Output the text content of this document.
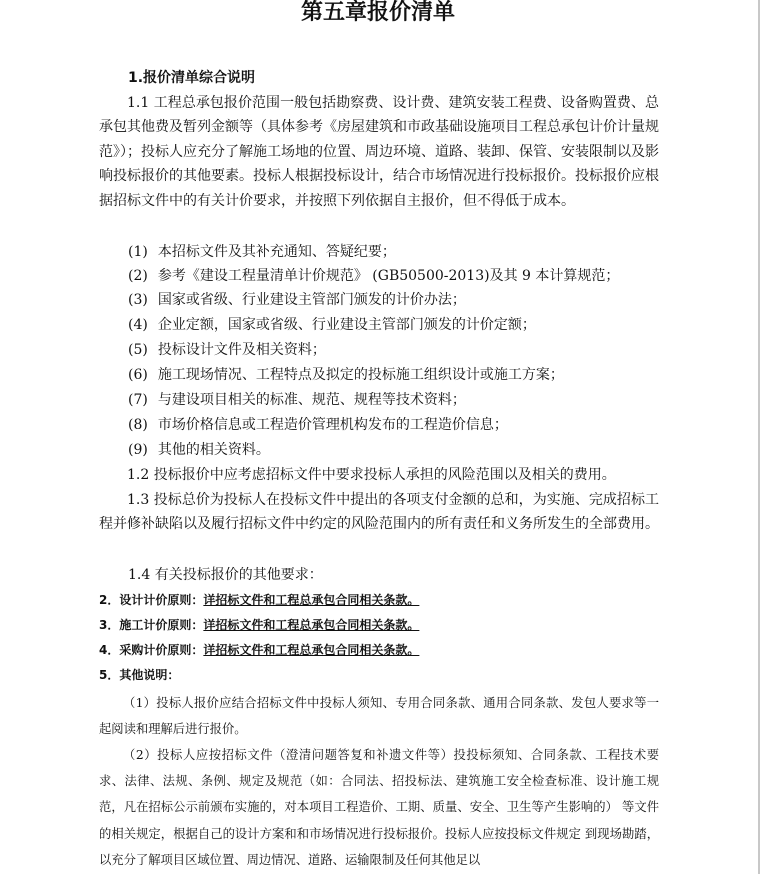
第五章报价清单
1.报价清单综合说明

1.1 工程总承包报价范围一般包括勘察费、设计费、建筑安装工程费、设备购置费、总承包其他费及暂列金额等（具体参考《房屋建筑和市政基础设施项目工程总承包计价计量规范》）；投标人应充分了解施工场地的位置、周边环境、道路、装卸、保管、安装限制以及影响投标报价的其他要素。投标人根据投标设计，结合市场情况进行投标报价。投标报价应根据招标文件中的有关计价要求，并按照下列依据自主报价，但不得低于成本。

(1) 本招标文件及其补充通知、答疑纪要；
(2) 参考《建设工程量清单计价规范》 (GB50500-2013)及其 9 本计算规范；
(3) 国家或省级、行业建设主管部门颁发的计价办法；
(4) 企业定额，国家或省级、行业建设主管部门颁发的计价定额；
(5) 投标设计文件及相关资料；
(6) 施工现场情况、工程特点及拟定的投标施工组织设计或施工方案；
(7) 与建设项目相关的标准、规范、规程等技术资料；
(8) 市场价格信息或工程造价管理机构发布的工程造价信息；
(9) 其他的相关资料。

1.2 投标报价中应考虑招标文件中要求投标人承担的风险范围以及相关的费用。

1.3 投标总价为投标人在投标文件中提出的各项支付金额的总和，为实施、完成招标工程并修补缺陷以及履行招标文件中约定的风险范围内的所有责任和义务所发生的全部费用。

1.4 有关投标报价的其他要求：
2．设计计价原则：详招标文件和工程总承包合同相关条款。
3．施工计价原则：详招标文件和工程总承包合同相关条款。
4．采购计价原则：详招标文件和工程总承包合同相关条款。
5．其他说明：

（1）投标人报价应结合招标文件中投标人须知、专用合同条款、通用合同条款、发包人要求等一起阅读和理解后进行报价。

（2）投标人应按招标文件（澄清问题答复和补遗文件等）投投标须知、合同条款、工程技术要求、法律、法规、条例、规定及规范（如：合同法、招投标法、建筑施工安全检查标准、设计施工规范，凡在招标公示前颁布实施的，对本项目工程造价、工期、质量、安全、卫生等产生影响的） 等文件的相关规定，根据自己的设计方案和和市场情况进行投标报价。投标人应按投标文件规定 到现场勘踏，以充分了解项目区域位置、周边情况、道路、运输限制及任何其他足以
